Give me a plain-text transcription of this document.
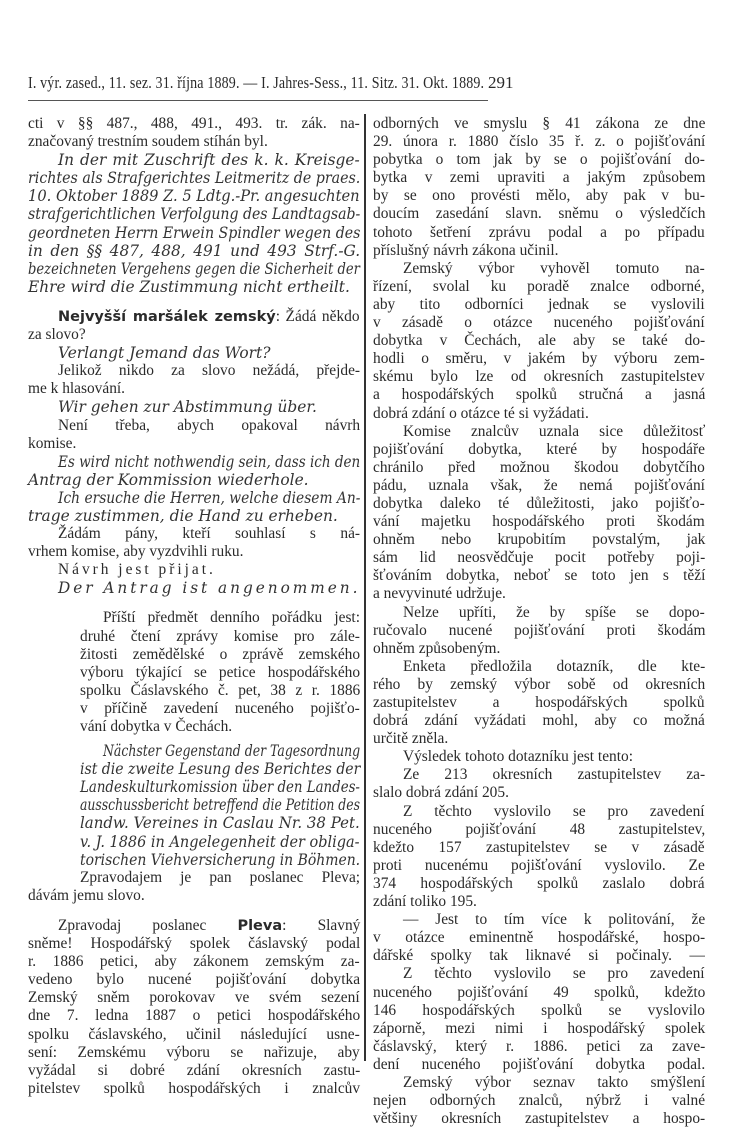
I. výr. zased., 11. sez. 31. října 1889. — I. Jahres-Sess., 11. Sitz. 31. Okt. 1889. 291
cti v §§ 487., 488, 491., 493. tr. zák. na-
značovaný trestním soudem stíhán byl.
In der mit Zuschrift des k. k. Kreisge-
richtes als Strafgerichtes Leitmeritz de praes.
10. Oktober 1889 Z. 5 Ldtg.-Pr. angesuchten
strafgerichtlichen Verfolgung des Landtagsab-
geordneten Herrn Erwein Spindler wegen des
in den §§ 487, 488, 491 und 493 Strf.-G.
bezeichneten Vergehens gegen die Sicherheit der
Ehre wird die Zustimmung nicht ertheilt.
Nejvyšší maršálek zemský: Žádá někdo
za slovo?
Verlangt Jemand das Wort?
Jelikož nikdo za slovo nežádá, přejde-
me k hlasování.
Wir gehen zur Abstimmung über.
Není třeba, abych opakoval návrh
komise.
Es wird nicht nothwendig sein, dass ich den
Antrag der Kommission wiederhole.
Ich ersuche die Herren, welche diesem An-
trage zustimmen, die Hand zu erheben.
Žádám pány, kteří souhlasí s ná-
vrhem komise, aby vyzdvihli ruku.
Návrh jest přijat.
Der Antrag ist angenommen.
Příští předmět denního pořádku jest:
druhé čtení zprávy komise pro zále-
žitosti zemědělské o zprávě zemského
výboru týkající se petice hospodářského
spolku Čáslavského č. pet, 38 z r. 1886
v příčině zavedení nuceného pojišťo-
vání dobytka v Čechách.
Nächster Gegenstand der Tagesordnung
ist die zweite Lesung des Berichtes der
Landeskulturkomission über den Landes-
ausschussbericht betreffend die Petition des
landw. Vereines in Caslau Nr. 38 Pet.
v. J. 1886 in Angelegenheit der obliga-
torischen Viehversicherung in Böhmen.
Zpravodajem je pan poslanec Pleva;
dávám jemu slovo.
Zpravodaj poslanec Pleva: Slavný
sněme! Hospodářský spolek čáslavský podal
r. 1886 petici, aby zákonem zemským za-
vedeno bylo nucené pojišťování dobytka
Zemský sněm porokovav ve svém sezení
dne 7. ledna 1887 o petici hospodářského
spolku čáslavského, učinil následující usne-
sení: Zemskému výboru se nařizuje, aby
vyžádal si dobré zdání okresních zastu-
pitelstev spolků hospodářských i znalcův
odborných ve smyslu § 41 zákona ze dne
29. února r. 1880 číslo 35 ř. z. o pojišťování
pobytka o tom jak by se o pojišťování do-
bytka v zemi upraviti a jakým způsobem
by se ono provésti mělo, aby pak v bu-
doucím zasedání slavn. sněmu o výsledčích
tohoto šetření zprávu podal a po případu
příslušný návrh zákona učinil.
Zemský výbor vyhověl tomuto na-
řízení, svolal ku poradě znalce odborné,
aby tito odborníci jednak se vyslovili
v zásadě o otázce nuceného pojišťování
dobytka v Čechách, ale aby se také do-
hodli o směru, v jakém by výboru zem-
skému bylo lze od okresních zastupitelstev
a hospodářských spolků stručná a jasná
dobrá zdání o otázce té si vyžádati.
Komise znalcův uznala sice důležitosť
pojišťování dobytka, které by hospodáře
chránilo před možnou škodou dobytčího
pádu, uznala však, že nemá pojišťování
dobytka daleko té důležitosti, jako pojišťo-
vání majetku hospodářského proti škodám
ohněm nebo krupobitím povstalým, jak
sám lid neosvědčuje pocit potřeby poji-
šťováním dobytka, neboť se toto jen s těží
a nevyvinuté udržuje.
Nelze upříti, že by spíše se dopo-
ručovalo nucené pojišťování proti škodám
ohněm způsobeným.
Enketa předložila dotazník, dle kte-
rého by zemský výbor sobě od okresních
zastupitelstev a hospodářských spolků
dobrá zdání vyžádati mohl, aby co možná
určitě zněla.
Výsledek tohoto dotazníku jest tento:
Ze 213 okresních zastupitelstev za-
slalo dobrá zdání 205.
Z těchto vyslovilo se pro zavedení
nuceného pojišťování 48 zastupitelstev,
kdežto 157 zastupitelstev se v zásadě
proti nucenému pojišťování vyslovilo. Ze
374 hospodářských spolků zaslalo dobrá
zdání toliko 195.
— Jest to tím více k politování, že
v otázce eminentně hospodářské, hospo-
dářské spolky tak liknavé si počinaly. —
Z těchto vyslovilo se pro zavedení
nuceného pojišťování 49 spolků, kdežto
146 hospodářských spolků se vyslovilo
záporně, mezi nimi i hospodářský spolek
čáslavský, který r. 1886. petici za zave-
dení nuceného pojišťování dobytka podal.
Zemský výbor seznav takto smýšlení
nejen odborných znalců, nýbrž i valné
většiny okresních zastupitelstev a hospo-
